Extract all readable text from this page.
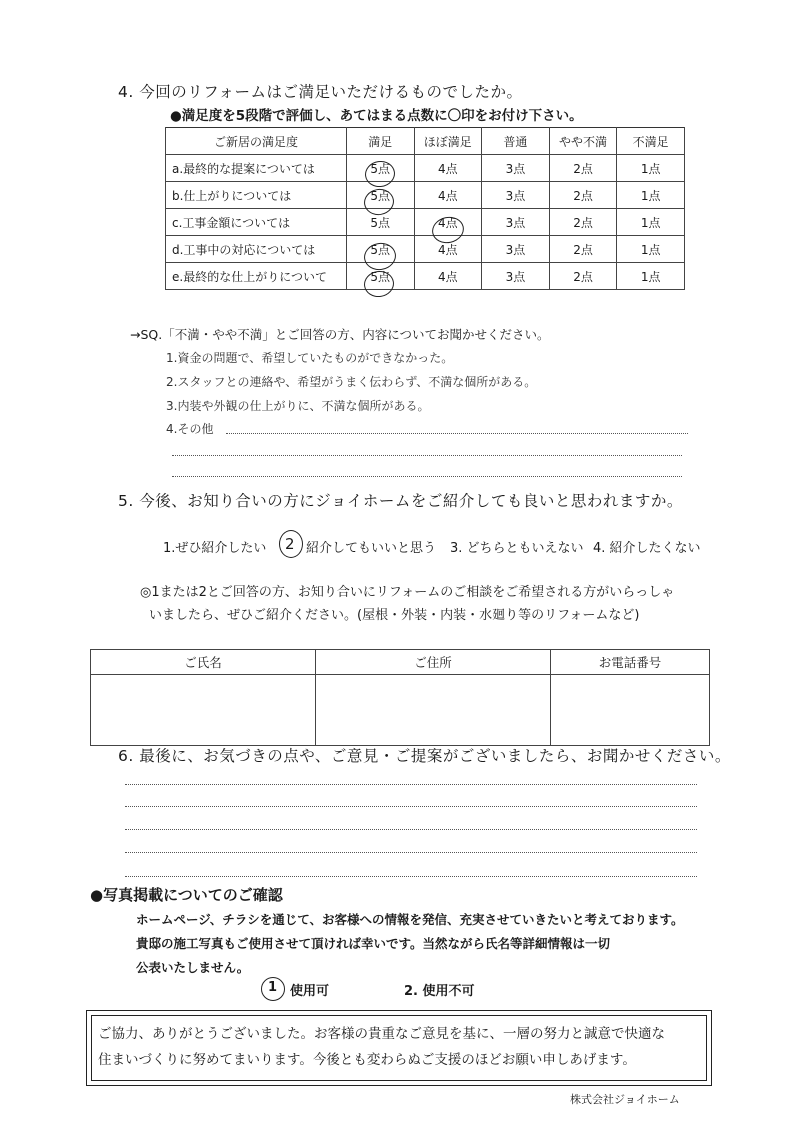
4. 今回のリフォームはご満足いただけるものでしたか。
●満足度を5段階で評価し、あてはまる点数に〇印をお付け下さい。
ご新居の満足度	満足	ほぼ満足	普通	やや不満	不満足
a.最終的な提案については	5点	4点	3点	2点	1点
b.仕上がりについては	5点	4点	3点	2点	1点
c.工事金額については	5点	4点	3点	2点	1点
d.工事中の対応については	5点	4点	3点	2点	1点
e.最終的な仕上がりについて	5点	4点	3点	2点	1点
→SQ.「不満・やや不満」とご回答の方、内容についてお聞かせください。
1.資金の問題で、希望していたものができなかった。
2.スタッフとの連絡や、希望がうまく伝わらず、不満な個所がある。
3.内装や外観の仕上がりに、不満な個所がある。
4.その他
5. 今後、お知り合いの方にジョイホームをご紹介しても良いと思われますか。
1.ぜひ紹介したい 2 紹介してもいいと思う 3. どちらともいえない 4. 紹介したくない
◎1または2とご回答の方、お知り合いにリフォームのご相談をご希望される方がいらっしゃ
いましたら、ぜひご紹介ください。(屋根・外装・内装・水廻り等のリフォームなど)
ご氏名	ご住所	お電話番号

6. 最後に、お気づきの点や、ご意見・ご提案がございましたら、お聞かせください。
●写真掲載についてのご確認
ホームページ、チラシを通じて、お客様への情報を発信、充実させていきたいと考えております。
貴邸の施工写真もご使用させて頂ければ幸いです。当然ながら氏名等詳細情報は一切
公表いたしません。
1 使用可	2. 使用不可
ご協力、ありがとうございました。お客様の貴重なご意見を基に、一層の努力と誠意で快適な
住まいづくりに努めてまいります。今後とも変わらぬご支援のほどお願い申しあげます。
株式会社ジョイホーム
